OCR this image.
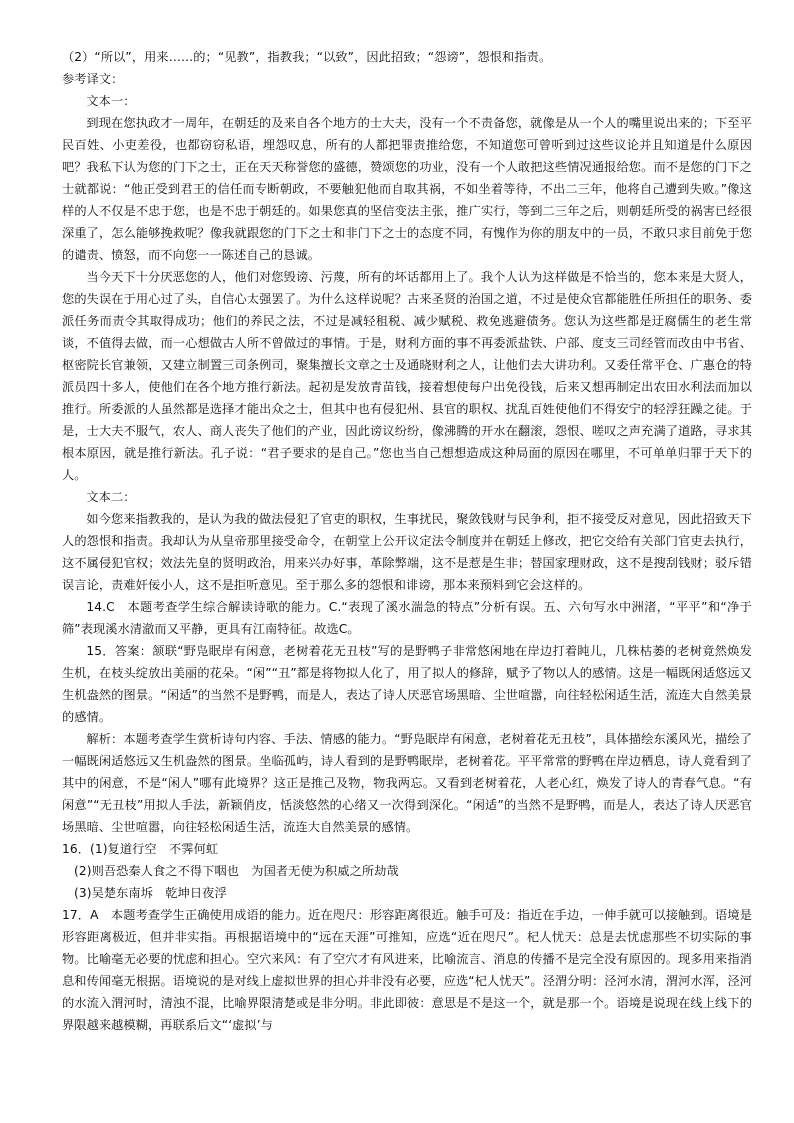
（2）“所以”，用来……的；“见教”，指教我；“以致”，因此招致；“怨谤”，怨恨和指责。

参考译文：

文本一：

到现在您执政才一周年，在朝廷的及来自各个地方的士大夫，没有一个不责备您，就像是从一个人的嘴里说出来的；下至平民百姓、小吏差役，也都窃窃私语，埋怨叹息，所有的人都把罪责推给您，不知道您可曾听到过这些议论并且知道是什么原因吧？我私下认为您的门下之士，正在天天称誉您的盛德，赞颂您的功业，没有一个人敢把这些情况通报给您。而不是您的门下之士就都说：“他正受到君王的信任而专断朝政，不要触犯他而自取其祸，不如坐着等待，不出二三年，他将自己遭到失败。”像这样的人不仅是不忠于您，也是不忠于朝廷的。如果您真的坚信变法主张，推广实行，等到二三年之后，则朝廷所受的祸害已经很深重了，怎么能够挽救呢？像我就跟您的门下之士和非门下之士的态度不同，有愧作为你的朋友中的一员，不敢只求目前免于您的谴责、愤怒，而不向您一一陈述自己的恳诚。

当今天下十分厌恶您的人，他们对您毁谤、污蔑，所有的坏话都用上了。我个人认为这样做是不恰当的，您本来是大贤人，您的失误在于用心过了头，自信心太强罢了。为什么这样说呢？古来圣贤的治国之道，不过是使众官都能胜任所担任的职务、委派任务而责令其取得成功；他们的养民之法，不过是减轻租税、减少赋税、救免逃避债务。您认为这些都是迂腐儒生的老生常谈，不值得去做，而一心想做古人所不曾做过的事情。于是，财利方面的事不再委派盐铁、户部、度支三司经管而改由中书省、枢密院长官兼领，又建立制置三司条例司，聚集擅长文章之士及通晓财利之人，让他们去大讲功利。又委任常平仓、广惠仓的特派员四十多人，使他们在各个地方推行新法。起初是发放青苗钱，接着想使每户出免役钱，后来又想再制定出农田水利法而加以推行。所委派的人虽然都是选择才能出众之士，但其中也有侵犯州、县官的职权、扰乱百姓使他们不得安宁的轻浮狂躁之徒。于是，士大夫不服气，农人、商人丧失了他们的产业，因此谤议纷纷，像沸腾的开水在翻滚，怨恨、嗟叹之声充满了道路，寻求其根本原因，就是推行新法。孔子说：“君子要求的是自己。”您也当自己想想造成这种局面的原因在哪里，不可单单归罪于天下的人。

文本二：

如今您来指教我的，是认为我的做法侵犯了官吏的职权，生事扰民，聚敛钱财与民争利，拒不接受反对意见，因此招致天下人的怨恨和指责。我却认为从皇帝那里接受命令，在朝堂上公开议定法令制度并在朝廷上修改，把它交给有关部门官吏去执行，这不属侵犯官权；效法先皇的贤明政治，用来兴办好事，革除弊端，这不是惹是生非；替国家理财政，这不是搜刮钱财；驳斥错误言论，责难奸佞小人，这不是拒听意见。至于那么多的怨恨和诽谤，那本来预料到它会这样的。

14.C　本题考查学生综合解读诗歌的能力。C.“表现了溪水湍急的特点”分析有误。五、六句写水中洲渚，“平平”和“净于筛”表现溪水清澈而又平静，更具有江南特征。故选C。

15．答案：颔联“野凫眠岸有闲意，老树着花无丑枝”写的是野鸭子非常悠闲地在岸边打着盹儿，几株枯萎的老树竟然焕发生机，在枝头绽放出美丽的花朵。“闲”“丑”都是将物拟人化了，用了拟人的修辞，赋予了物以人的感情。这是一幅既闲适悠远又生机盎然的图景。“闲适”的当然不是野鸭，而是人，表达了诗人厌恶官场黑暗、尘世喧嚣，向往轻松闲适生活，流连大自然美景的感情。

解析：本题考查学生赏析诗句内容、手法、情感的能力。“野凫眠岸有闲意，老树着花无丑枝”，具体描绘东溪风光，描绘了一幅既闲适悠远又生机盎然的图景。坐临孤屿，诗人看到的是野鸭眠岸，老树着花。平平常常的野鸭在岸边栖息，诗人竟看到了其中的闲意，不是“闲人”哪有此境界？这正是推己及物，物我两忘。又看到老树着花，人老心红，焕发了诗人的青春气息。“有闲意”“无丑枝”用拟人手法，新颖俏皮，恬淡悠然的心绪又一次得到深化。“闲适”的当然不是野鸭，而是人，表达了诗人厌恶官场黑暗、尘世喧嚣，向往轻松闲适生活，流连大自然美景的感情。

16．(1)复道行空　不霁何虹

(2)则吾恐秦人食之不得下咽也　为国者无使为积威之所劫哉

(3)吴楚东南坼　乾坤日夜浮

17．A　本题考查学生正确使用成语的能力。近在咫尺：形容距离很近。触手可及：指近在手边，一伸手就可以接触到。语境是形容距离极近，但并非实指。再根据语境中的“远在天涯”可推知，应选“近在咫尺”。杞人忧天：总是去忧虑那些不切实际的事物。比喻毫无必要的忧虑和担心。空穴来风：有了空穴才有风进来，比喻流言、消息的传播不是完全没有原因的。现多用来指消息和传闻毫无根据。语境说的是对线上虚拟世界的担心并非没有必要，应选“杞人忧天”。泾渭分明：泾河水清，渭河水浑，泾河的水流入渭河时，清浊不混，比喻界限清楚或是非分明。非此即彼：意思是不是这一个，就是那一个。语境是说现在线上线下的界限越来越模糊，再联系后文“‘虚拟’与
